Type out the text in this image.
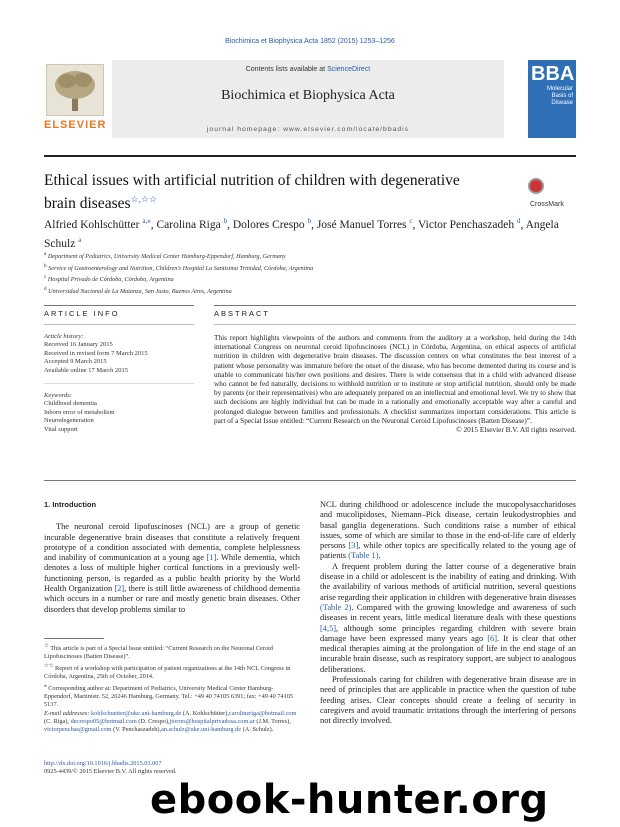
Biochimica et Biophysica Acta 1852 (2015) 1253–1256
Contents lists available at ScienceDirect
Biochimica et Biophysica Acta
journal homepage: www.elsevier.com/locate/bbadis
ELSEVIER
BBA
Molecular Basis of Disease
Ethical issues with artificial nutrition of children with degenerative brain diseases☆,☆☆
CrossMark
Alfried Kohlschütter $^{a,⁎}$, Carolina Riga $^b$, Dolores Crespo $^b$, José Manuel Torres $^c$, Victor Penchaszadeh $^d$, Angela Schulz $^a$
$^a$ Department of Pediatrics, University Medical Center Hamburg-Eppendorf, Hamburg, Germany
$^b$ Service of Gastroenterology and Nutrition, Children's Hospital La Santisima Trinidad, Córdoba, Argentina
$^c$ Hospital Privado de Córdoba, Córdoba, Argentina
$^d$ Universidad Nacional de La Matanza, San Justo, Buenos Aires, Argentina
ARTICLE INFO
Article history:
Received 16 January 2015
Received in revised form 7 March 2015
Accepted 9 March 2015
Available online 17 March 2015
Keywords:
Childhood dementia
Inborn error of metabolism
Neurodegeneration
Vital support
ABSTRACT
This report highlights viewpoints of the authors and comments from the auditory at a workshop, held during the 14th international Congress on neuronal ceroid lipofuscinoses (NCL) in Córdoba, Argentina, on ethical aspects of artificial nutrition in children with degenerative brain diseases. The discussion centers on what constitutes the best interest of a patient whose personality was immature before the onset of the disease, who has become demented during its course and is unable to communicate his/her own positions and desires. There is wide consensus that in a child with advanced disease who cannot be fed naturally, decisions to withhold nutrition or to institute or stop artificial nutrition, should only be made by parents (or their representatives) who are adequately prepared on an intellectual and emotional level. We try to show that such decisions are highly individual but can be made in a rationally and emotionally acceptable way after a careful and prolonged dialogue between families and professionals. A checklist summarizes important considerations. This article is part of a Special Issue entitled: “Current Research on the Neuronal Ceroid Lipofuscinoses (Batten Disease)”.
© 2015 Elsevier B.V. All rights reserved.
1. Introduction

The neuronal ceroid lipofuscinoses (NCL) are a group of genetic incurable degenerative brain diseases that constitute a relatively frequent prototype of a condition associated with dementia, complete helplessness and inability of communication at a young age [1]. While dementia, which denotes a loss of multiple higher cortical functions in a previously well-functioning person, is regarded as a public health priority by the World Health Organization [2], there is still little awareness of childhood dementia which occurs in a number or rare and mostly genetic brain diseases. Other disorders that develop problems similar to

NCL during childhood or adolescence include the mucopolysaccharidoses and mucolipidoses, Niemann–Pick disease, certain leukodystrophies and basal ganglia degenerations. Such conditions raise a number of ethical issues, some of which are similar to those in the end-of-life care of elderly persons [3], while other topics are specifically related to the young age of patients (Table 1).

A frequent problem during the latter course of a degenerative brain disease in a child or adolescent is the inability of eating and drinking. With the availability of various methods of artificial nutrition, several questions arise regarding their application in children with degenerative brain diseases (Table 2). Compared with the growing knowledge and awareness of such diseases in recent years, little medical literature deals with these questions [4,5], although some principles regarding children with severe brain damage have been expressed many years ago [6]. It is clear that other medical therapies aiming at the prolongation of life in the end stage of an incurable brain disease, such as respiratory support, are subject to analogous deliberations.

Professionals caring for children with degenerative brain disease are in need of principles that are applicable in practice when the question of tube feeding arises. Clear concepts should create a feeling of security in caregivers and avoid traumatic irritations through the interfering of persons not directly involved.

☆ This article is part of a Special Issue entitled: “Current Research on the Neuronal Ceroid Lipofuscinoses (Batten Disease)”.

☆☆ Report of a workshop with participation of patient organizations at the 14th NCL Congress in Córdoba, Argentina, 25th of October, 2014.

⁎ Corresponding author at: Department of Pediatrics, University Medical Center Hamburg-Eppendorf, Martinistr. 52, 20246 Hamburg, Germany. Tel.: +49 40 74105 6391; fax: +49 40 74105 5137.

E-mail addresses: kohlschuetter@uke.uni-hamburg.de (A. Kohlschütter),carolineriga@hotmail.com (C. Riga), decrespo05@hotmail.com (D. Crespo),jtorres@hospitalprivadosa.com.ar (J.M. Torres), victorpenchas@gmail.com (V. Penchaszadeh),an.schulz@uke.uni-hamburg.de (A. Schulz).

http://dx.doi.org/10.1016/j.bbadis.2015.03.007
0925-4439/© 2015 Elsevier B.V. All rights reserved.
ebook-hunter.org
